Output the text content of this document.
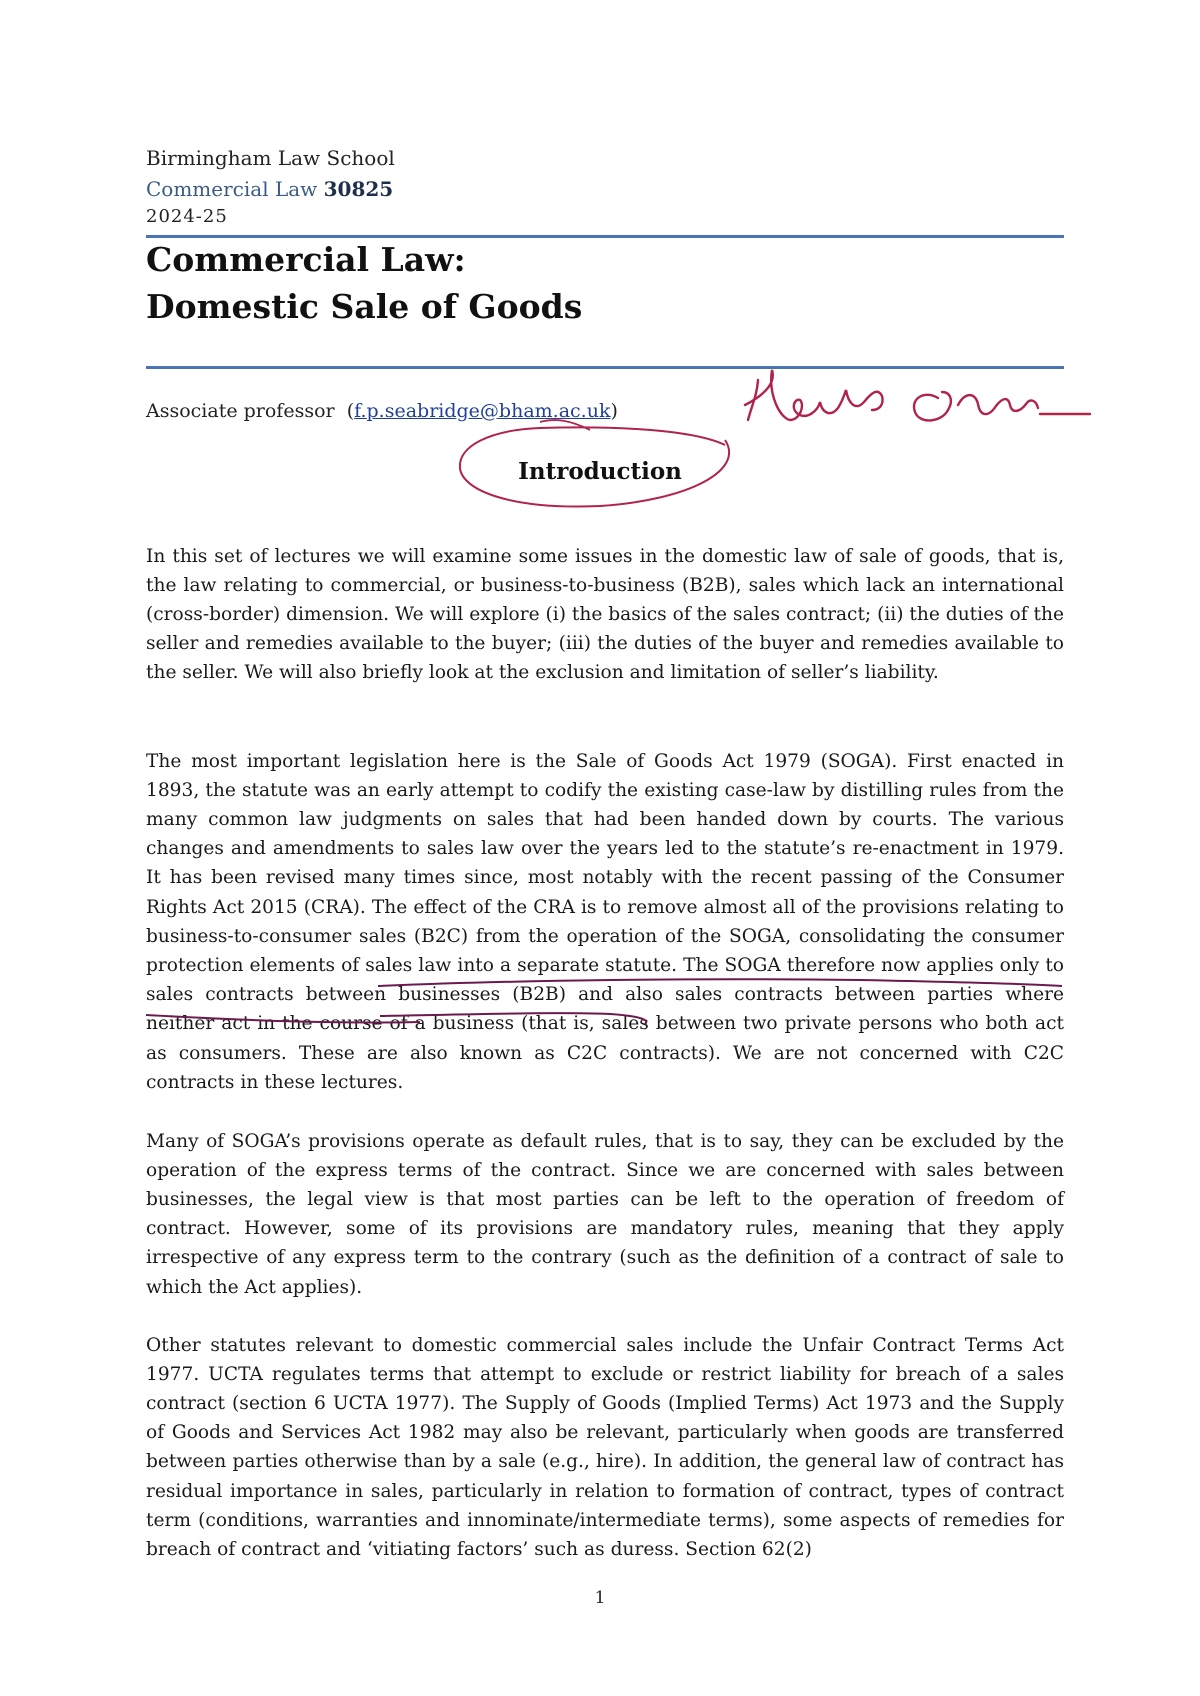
Birmingham Law School
Commercial Law 30825
2024-25
Commercial Law:
Domestic Sale of Goods
Associate professor  (f.p.seabridge@bham.ac.uk)
Introduction

In this set of lectures we will examine some issues in the domestic law of sale of goods, that is, the law relating to commercial, or business-to-business (B2B), sales which lack an international (cross-border) dimension. We will explore (i) the basics of the sales contract; (ii) the duties of the seller and remedies available to the buyer; (iii) the duties of the buyer and remedies available to the seller. We will also briefly look at the exclusion and limitation of seller’s liability.

The most important legislation here is the Sale of Goods Act 1979 (SOGA). First enacted in 1893, the statute was an early attempt to codify the existing case-law by distilling rules from the many common law judgments on sales that had been handed down by courts. The various changes and amendments to sales law over the years led to the statute’s re-enactment in 1979. It has been revised many times since, most notably with the recent passing of the Consumer Rights Act 2015 (CRA). The effect of the CRA is to remove almost all of the provisions relating to business-to-consumer sales (B2C) from the operation of the SOGA, consolidating the consumer protection elements of sales law into a separate statute. The SOGA therefore now applies only to sales contracts between businesses (B2B) and also sales contracts between parties where neither act in the course of a business (that is, sales between two private persons who both act as consumers. These are also known as C2C contracts). We are not concerned with C2C contracts in these lectures.

Many of SOGA’s provisions operate as default rules, that is to say, they can be excluded by the operation of the express terms of the contract. Since we are concerned with sales between businesses, the legal view is that most parties can be left to the operation of freedom of contract. However, some of its provisions are mandatory rules, meaning that they apply irrespective of any express term to the contrary (such as the definition of a contract of sale to which the Act applies).

Other statutes relevant to domestic commercial sales include the Unfair Contract Terms Act 1977. UCTA regulates terms that attempt to exclude or restrict liability for breach of a sales contract (section 6 UCTA 1977). The Supply of Goods (Implied Terms) Act 1973 and the Supply of Goods and Services Act 1982 may also be relevant, particularly when goods are transferred between parties otherwise than by a sale (e.g., hire). In addition, the general law of contract has residual importance in sales, particularly in relation to formation of contract, types of contract term (conditions, warranties and innominate/intermediate terms), some aspects of remedies for breach of contract and ‘vitiating factors’ such as duress. Section 62(2)

1
